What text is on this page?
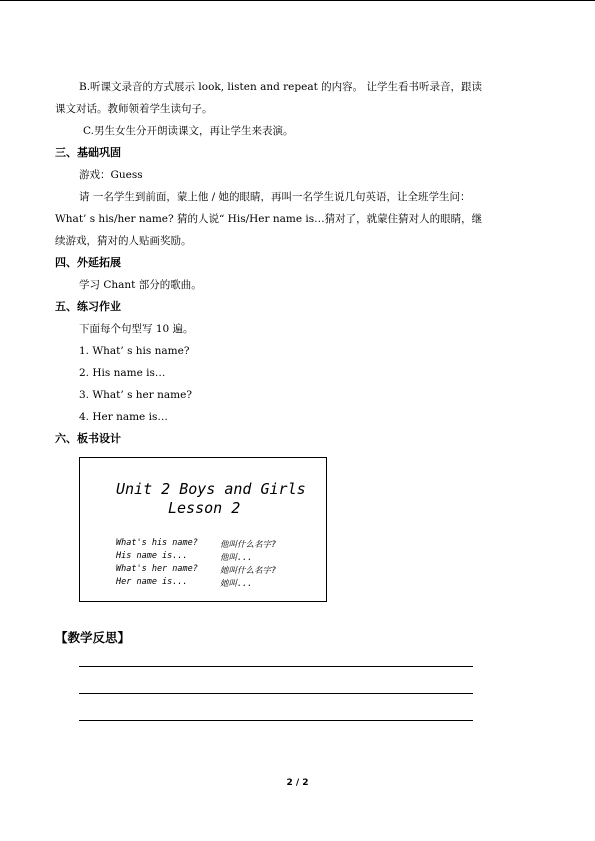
B.听课文录音的方式展示 look, listen and repeat 的内容。 让学生看书听录音，跟读
课文对话。教师领着学生读句子。
C.男生女生分开朗读课文，再让学生来表演。
三、基础巩固
游戏：Guess
请 一名学生到前面，蒙上他 / 她的眼睛，再叫一名学生说几句英语，让全班学生问：
What’ s his/her name? 猜的人说“ His/Her name is…猜对了，就蒙住猜对人的眼睛，继
续游戏，猜对的人贴画奖励。
四、外延拓展
学习 Chant 部分的歌曲。
五、练习作业
下面每个句型写 10 遍。
1. What’ s his name?
2. His name is…
3. What’ s her name?
4. Her name is…
六、板书设计
Unit 2 Boys and Girls
Lesson 2
What's his name?	他叫什么名字?
His name is...	他叫...
What's her name?	她叫什么名字?
Her name is...	她叫...
【教学反思】
2 / 2
